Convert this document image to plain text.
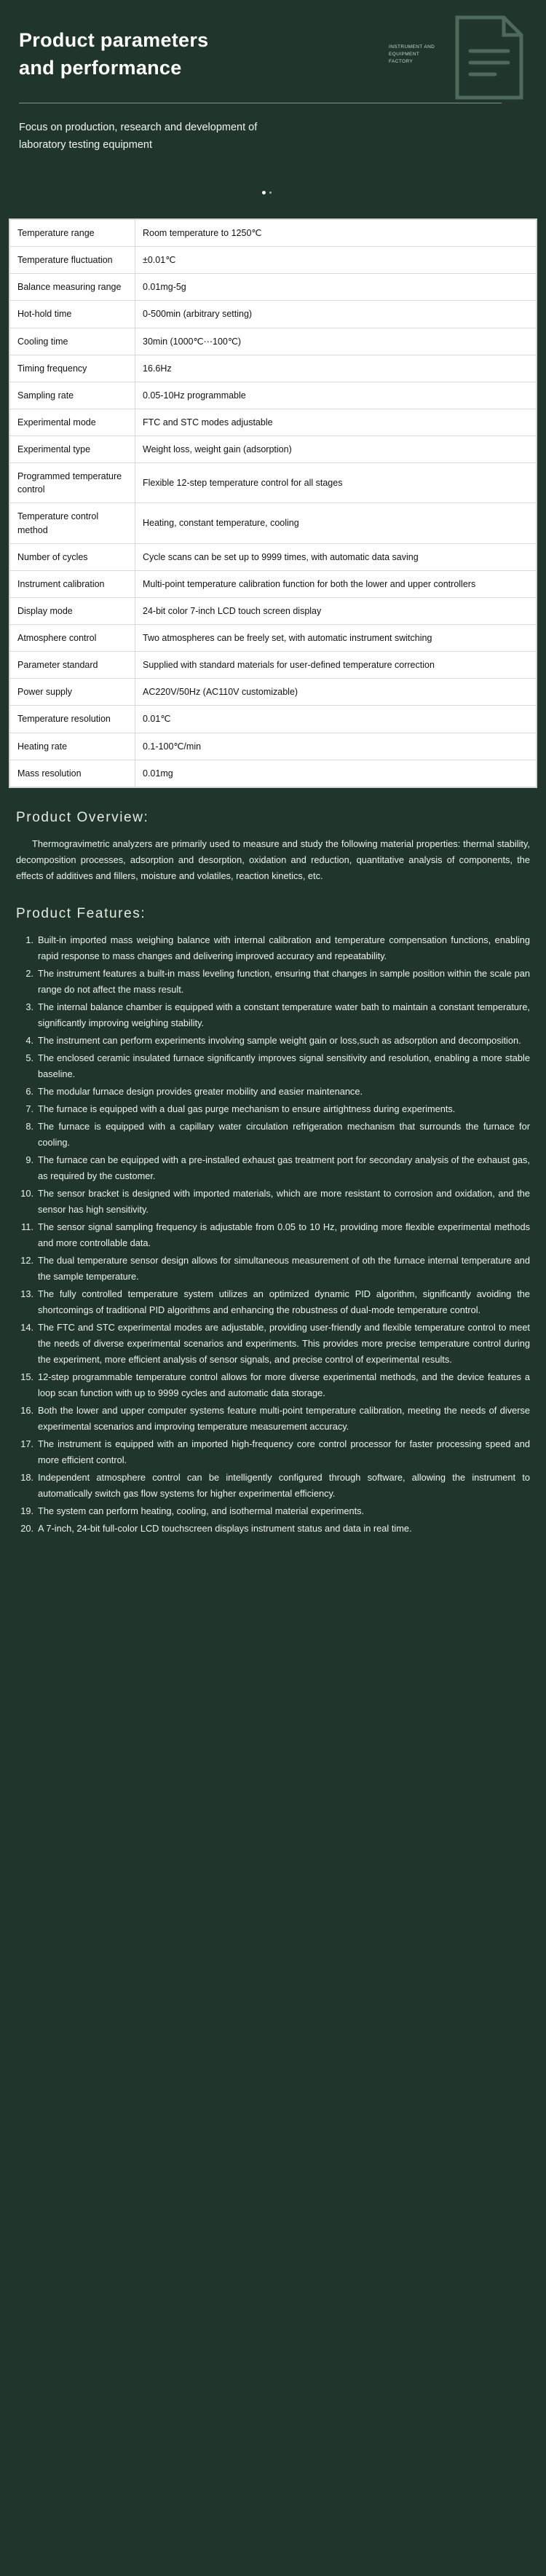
Product parameters
and performance
Focus on production, research and development of laboratory testing equipment
INSTRUMENT AND EQUIPMENT FACTORY
Temperature range	Room temperature to 1250℃
Temperature fluctuation	±0.01℃
Balance measuring range	0.01mg-5g
Hot-hold time	0-500min (arbitrary setting)
Cooling time	30min (1000℃⋯100℃)
Timing frequency	16.6Hz
Sampling rate	0.05-10Hz programmable
Experimental mode	FTC and STC modes adjustable
Experimental type	Weight loss, weight gain (adsorption)
Programmed temperature control	Flexible 12-step temperature control for all stages
Temperature control method	Heating, constant temperature, cooling
Number of cycles	Cycle scans can be set up to 9999 times, with automatic data saving
Instrument calibration	Multi-point temperature calibration function for both the lower and upper controllers
Display mode	24-bit color 7-inch LCD touch screen display
Atmosphere control	Two atmospheres can be freely set, with automatic instrument switching
Parameter standard	Supplied with standard materials for user-defined temperature correction
Power supply	AC220V/50Hz (AC110V customizable)
Temperature resolution	0.01℃
Heating rate	0.1-100℃/min
Mass resolution	0.01mg
Product Overview:

Thermogravimetric analyzers are primarily used to measure and study the following material properties: thermal stability, decomposition processes, adsorption and desorption, oxidation and reduction, quantitative analysis of components, the effects of additives and fillers, moisture and volatiles, reaction kinetics, etc.

Product Features:
Built-in imported mass weighing balance with internal calibration and temperature compensation functions, enabling rapid response to mass changes and delivering improved accuracy and repeatability.
The instrument features a built-in mass leveling function, ensuring that changes in sample position within the scale pan range do not affect the mass result.
The internal balance chamber is equipped with a constant temperature water bath to maintain a constant temperature, significantly improving weighing stability.
The instrument can perform experiments involving sample weight gain or loss,such as adsorption and decomposition.
The enclosed ceramic insulated furnace significantly improves signal sensitivity and resolution, enabling a more stable baseline.
The modular furnace design provides greater mobility and easier maintenance.
The furnace is equipped with a dual gas purge mechanism to ensure airtightness during experiments.
The furnace is equipped with a capillary water circulation refrigeration mechanism that surrounds the furnace for cooling.
The furnace can be equipped with a pre-installed exhaust gas treatment port for secondary analysis of the exhaust gas, as required by the customer.
The sensor bracket is designed with imported materials, which are more resistant to corrosion and oxidation, and the sensor has high sensitivity.
The sensor signal sampling frequency is adjustable from 0.05 to 10 Hz, providing more flexible experimental methods and more controllable data.
The dual temperature sensor design allows for simultaneous measurement of oth the furnace internal temperature and the sample temperature.
The fully controlled temperature system utilizes an optimized dynamic PID algorithm, significantly avoiding the shortcomings of traditional PID algorithms and enhancing the robustness of dual-mode temperature control.
The FTC and STC experimental modes are adjustable, providing user-friendly and flexible temperature control to meet the needs of diverse experimental scenarios and experiments. This provides more precise temperature control during the experiment, more efficient analysis of sensor signals, and precise control of experimental results.
12-step programmable temperature control allows for more diverse experimental methods, and the device features a loop scan function with up to 9999 cycles and automatic data storage.
Both the lower and upper computer systems feature multi-point temperature calibration, meeting the needs of diverse experimental scenarios and improving temperature measurement accuracy.
The instrument is equipped with an imported high-frequency core control processor for faster processing speed and more efficient control.
Independent atmosphere control can be intelligently configured through software, allowing the instrument to automatically switch gas flow systems for higher experimental efficiency.
The system can perform heating, cooling, and isothermal material experiments.
A 7-inch, 24-bit full-color LCD touchscreen displays instrument status and data in real time.
